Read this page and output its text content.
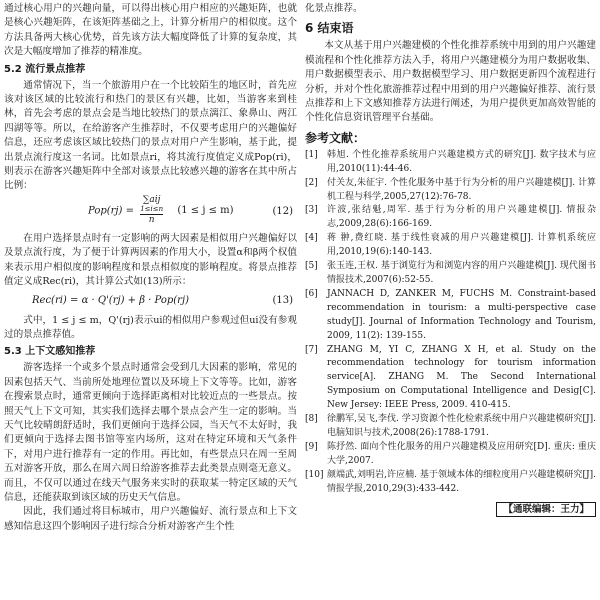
通过核心用户的兴趣向量，可以得出核心用户相应的兴趣矩阵，也就是核心兴趣矩阵，在该矩阵基础之上，计算分析用户的相似度。这个方法具备两大核心优势，首先该方法大幅度降低了计算的复杂度，其次是大幅度增加了推荐的精准度。

5.2 流行景点推荐

通常情况下，当一个旅游用户在一个比较陌生的地区时，首先应该对该区域的比较流行和热门的景区有兴趣，比如，当游客来到桂林，首先会考虑的景点会是当地比较热门的景点漓江、象鼻山、两江四湖等等。所以，在给游客产生推荐时，不仅要考虑用户的兴趣偏好信息，还应考虑该区域比较热门的景点对用户产生影响，基于此，提出景点流行度这一名词。比如景点ri，将其流行度值定义成Pop(ri)，则表示在游客兴趣矩阵中全部对该景点比较感兴趣的游客在其中所占比例：

Pop(rj) =
∑aij
1≤i≤n
n
(1 ≤ j ≤ m)	(12)

在用户选择景点时有一定影响的两大因素是相似用户兴趣偏好以及景点流行度，为了便于计算两因素的作用大小，设置α和β两个权值来表示用户相似度的影响程度和景点相似度的影响程度。将景点推荐值定义成Rec(ri)，其计算公式如(13)所示：

Rec(ri) = α · Q'(rj) + β · Pop(rj)	(13)

式中，1 ≤ j ≤ m，Q'(rj)表示ui的相似用户参观过但ui没有参观过的景点推荐值。

5.3 上下文感知推荐

游客选择一个或多个景点时通常会受到几大因素的影响，常见的因素包括天气、当前所处地理位置以及环境上下文等等。比如，游客在搜索景点时，通常更倾向于选择距离相对比较近点的一些景点。按照天气上下文可知，其实我们选择去哪个景点会产生一定的影响。当天气比较晴朗舒适时，我们更倾向于选择公园，当天气不太好时，我们更倾向于选择去图书馆等室内场所，这对在特定环境和天气条件下，对用户进行推荐有一定的作用。再比如，有些景点只在周一至周五对游客开放，那么在周六周日给游客推荐去此类景点则毫无意义。而且，不仅可以通过在线天气服务来实时的获取某一特定区域的天气信息，还能获取到该区域的历史天气信息。

因此，我们通过将目标城市，用户兴趣偏好、流行景点和上下文感知信息这四个影响因子进行综合分析对游客产生个性

化景点推荐。

6 结束语

本文从基于用户兴趣建模的个性化推荐系统中用到的用户兴趣建模流程和个性化推荐方法入手，将用户兴趣建模分为用户数据收集、用户数据模型表示、用户数据模型学习、用户数据更新四个流程进行分析，并对个性化旅游推荐过程中用到的用户兴趣偏好推荐、流行景点推荐和上下文感知推荐方法进行阐述，为用户提供更加高效智能的个性化信息资讯管理平台基础。

参考文献：
[1]	韩旭. 个性化推荐系统用户兴趣建模方式的研究[J]. 数字技术与应用,2010(11):44-46.
[2]	付关友,朱征宇. 个性化服务中基于行为分析的用户兴趣建模[J]. 计算机工程与科学,2005,27(12):76-78.
[3]	许波,张结魁,周军. 基于行为分析的用户兴趣建模[J]. 情报杂志,2009,28(6):166-169.
[4]	蒋 翀,费红晓. 基于线性衰减的用户兴趣建模[J]. 计算机系统应用,2010,19(6):140-143.
[5]	张玉连,王权. 基于浏览行为和浏览内容的用户兴趣建模[J]. 现代图书情报技术,2007(6):52-55.
[6]	JANNACH D, ZANKER M, FUCHS M. Constraint-based recommendation in tourism: a multi-perspective case study[J]. Journal of Information Technology and Tourism, 2009, 11(2): 139-155.
[7]	ZHANG M, YI C, ZHANG X H, et al. Study on the recommendation technology for tourism information service[A]. ZHANG M. The Second International Symposium on Computational Intelligence and Desig[C]. New Jersey: IEEE Press, 2009. 410-415.
[8]	徐鹏军,吴飞,李伐. 学习资源个性化检索系统中用户兴趣建模研究[J]. 电脑知识与技术,2008(26):1788-1791.
[9]	陈抒然. 面向个性化服务的用户兴趣建模及应用研究[D]. 重庆: 重庆大学,2007.
[10] 颜端武,刘明岩,许应楠. 基于领域本体的细粒度用户兴趣建模研究[J]. 情报学报,2010,29(3):433-442.
【通联编辑：王力】
